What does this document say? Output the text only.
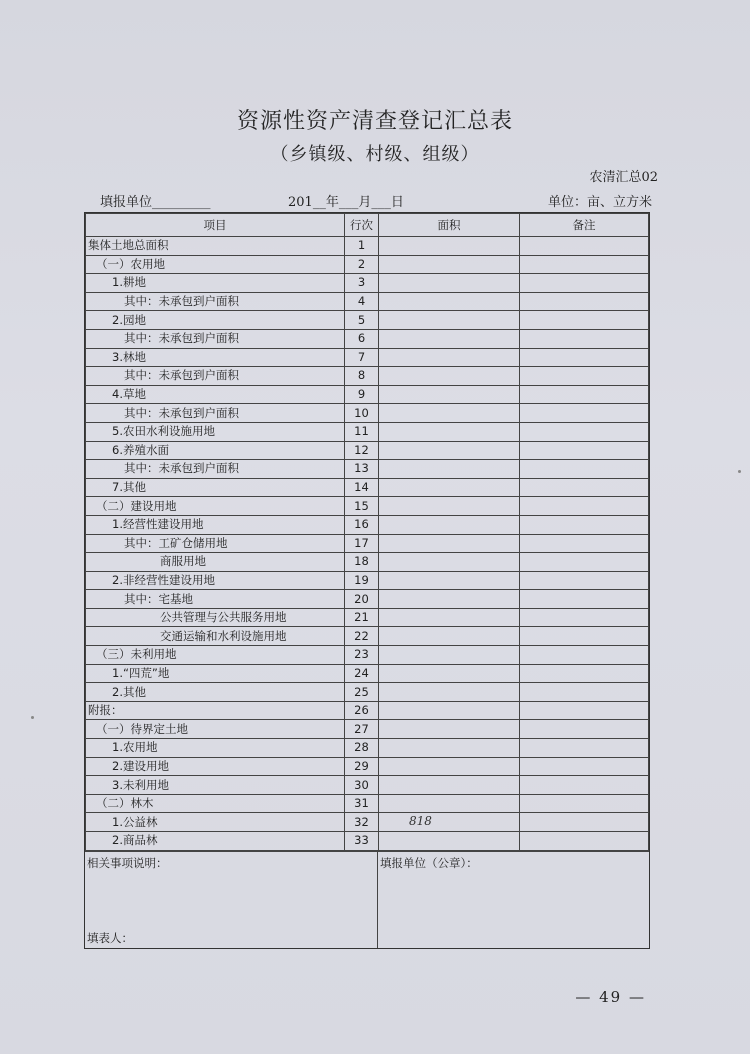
资源性资产清查登记汇总表
（乡镇级、村级、组级）
农清汇总02
填报单位_________	201__年___月___日	单位：亩、立方米
项目	行次	面积	备注
集体土地总面积	1		
（一）农用地	2		
1.耕地	3		
其中：未承包到户面积	4		
2.园地	5		
其中：未承包到户面积	6		
3.林地	7		
其中：未承包到户面积	8		
4.草地	9		
其中：未承包到户面积	10		
5.农田水利设施用地	11		
6.养殖水面	12		
其中：未承包到户面积	13		
7.其他	14		
（二）建设用地	15		
1.经营性建设用地	16		
其中：工矿仓储用地	17		
商服用地	18		
2.非经营性建设用地	19		
其中：宅基地	20		
公共管理与公共服务用地	21		
交通运输和水利设施用地	22		
（三）未利用地	23		
1.“四荒”地	24		
2.其他	25		
附报：	26		
（一）待界定土地	27		
1.农用地	28		
2.建设用地	29		
3.未利用地	30		
（二）林木	31		
1.公益林	32	818	

2.商品林	33		
相关事项说明：
填表人：
填报单位（公章）：
— 49 —
